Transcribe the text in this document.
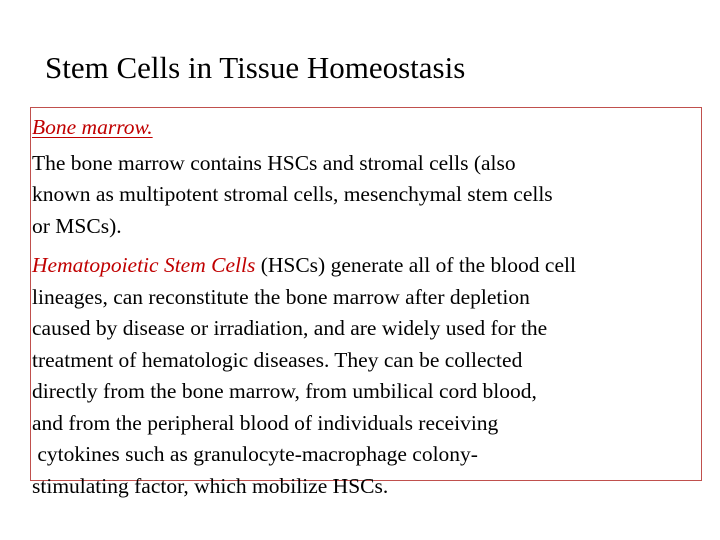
Stem Cells in Tissue Homeostasis
Bone marrow.
The bone marrow contains HSCs and stromal cells (also
known as multipotent stromal cells, mesenchymal stem cells
or MSCs).
Hematopoietic Stem Cells (HSCs) generate all of the blood cell
lineages, can reconstitute the bone marrow after depletion
caused by disease or irradiation, and are widely used for the
treatment of hematologic diseases. They can be collected
directly from the bone marrow, from umbilical cord blood,
and from the peripheral blood of individuals receiving
cytokines such as granulocyte-macrophage colony-
stimulating factor, which mobilize HSCs.
